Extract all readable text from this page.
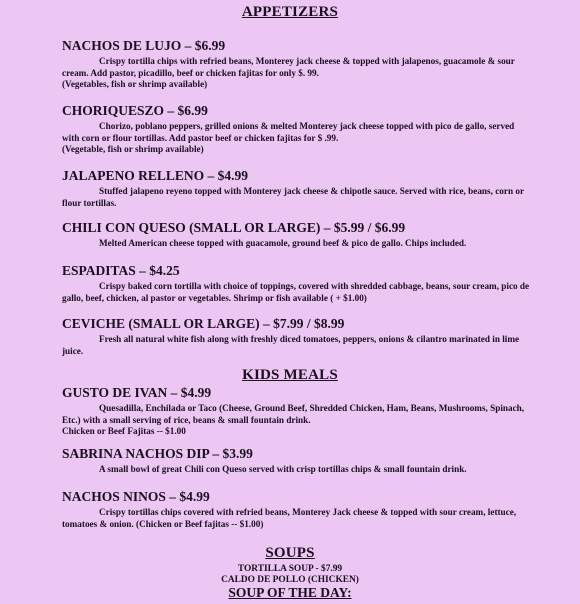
APPETIZERS
NACHOS DE LUJO – $6.99
Crispy tortilla chips with refried beans, Monterey jack cheese & topped with jalapenos, guacamole & sour cream. Add pastor, picadillo, beef or chicken fajitas for only $. 99.
(Vegetables, fish or shrimp available)
CHORIQUESZO – $6.99
Chorizo, poblano peppers, grilled onions & melted Monterey jack cheese topped with pico de gallo, served with corn or flour tortillas. Add pastor beef or chicken fajitas for $ .99.
(Vegetable, fish or shrimp available)
JALAPENO RELLENO – $4.99
Stuffed jalapeno reyeno topped with Monterey jack cheese & chipotle sauce. Served with rice, beans, corn or flour tortillas.
CHILI CON QUESO (SMALL OR LARGE) – $5.99 / $6.99
Melted American cheese topped with guacamole, ground beef & pico de gallo. Chips included.
ESPADITAS – $4.25
Crispy baked corn tortilla with choice of toppings, covered with shredded cabbage, beans, sour cream, pico de gallo, beef, chicken, al pastor or vegetables. Shrimp or fish available ( + $1.00)
CEVICHE (SMALL OR LARGE) – $7.99 / $8.99
Fresh all natural white fish along with freshly diced tomatoes, peppers, onions & cilantro marinated in lime juice.
KIDS MEALS
GUSTO DE IVAN – $4.99
Quesadilla, Enchilada or Taco (Cheese, Ground Beef, Shredded Chicken, Ham, Beans, Mushrooms, Spinach, Etc.) with a small serving of rice, beans & small fountain drink.
Chicken or Beef Fajitas -- $1.00
SABRINA NACHOS DIP – $3.99
A small bowl of great Chili con Queso served with crisp tortillas chips & small fountain drink.
NACHOS NINOS – $4.99
Crispy tortillas chips covered with refried beans, Monterey Jack cheese & topped with sour cream, lettuce, tomatoes & onion. (Chicken or Beef fajitas -- $1.00)
SOUPS
TORTILLA SOUP - $7.99
CALDO DE POLLO (CHICKEN)
SOUP OF THE DAY:
